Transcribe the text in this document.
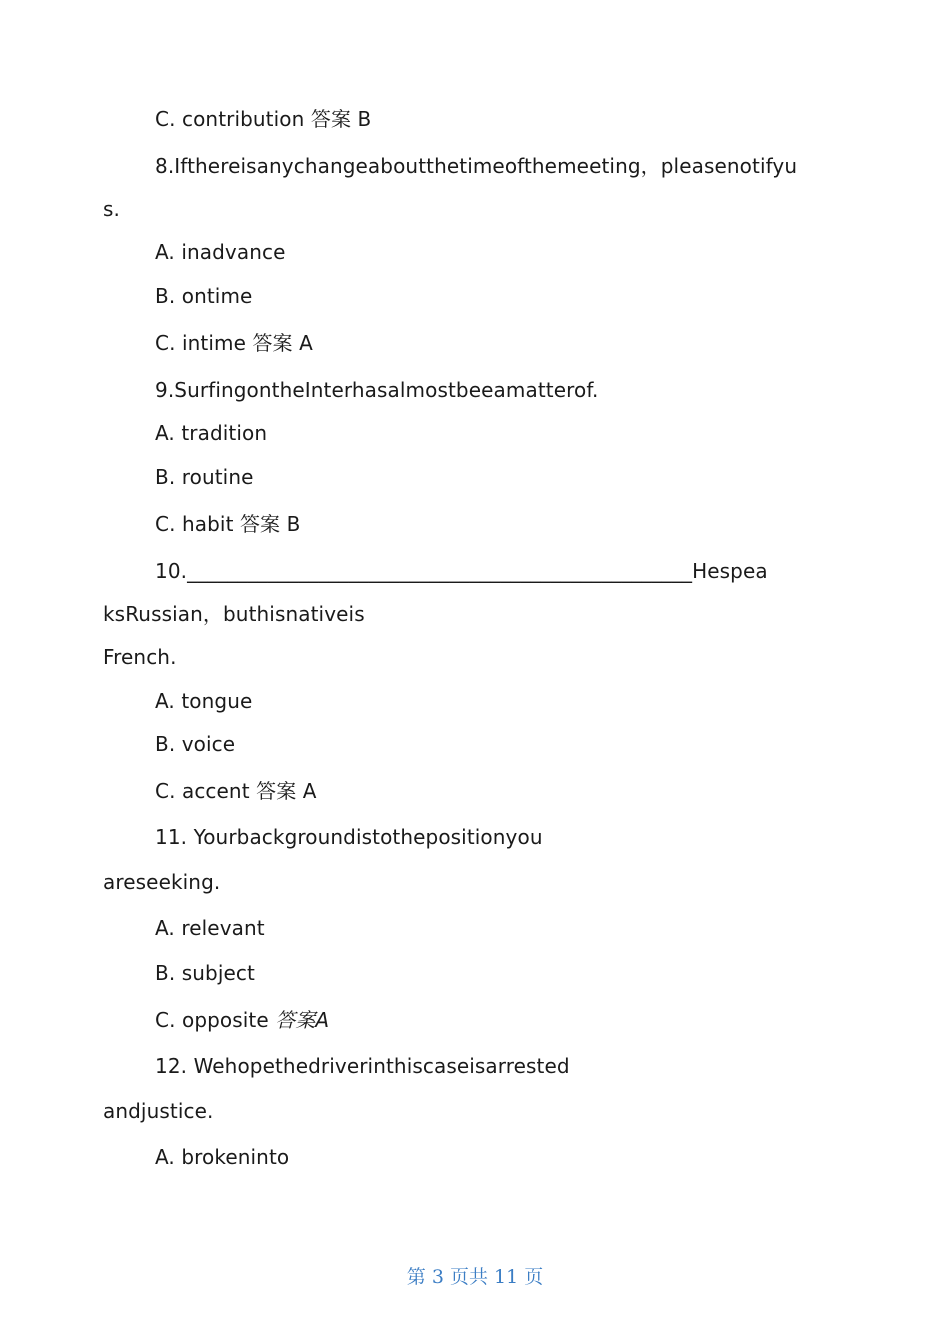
C. contribution 答案 B
8.Ifthereisanychangeaboutthetimeofthemeeting，pleasenotifyu
s.
A. inadvance
B. ontime
C. intime 答案 A
9.SurfingontheInterhasalmostbeeamatterof.
A. tradition
B. routine
C. habit 答案 B
10.__________________________________________________Hespea
ksRussian，buthisnativeis
French.
A. tongue
B. voice
C. accent 答案 A
11. Yourbackgroundistothepositionyou
areseeking.
A. relevant
B. subject
C. opposite 答案A
12. Wehopethedriverinthiscaseisarrested
andjustice.
A. brokeninto
第 3 页共 11 页
